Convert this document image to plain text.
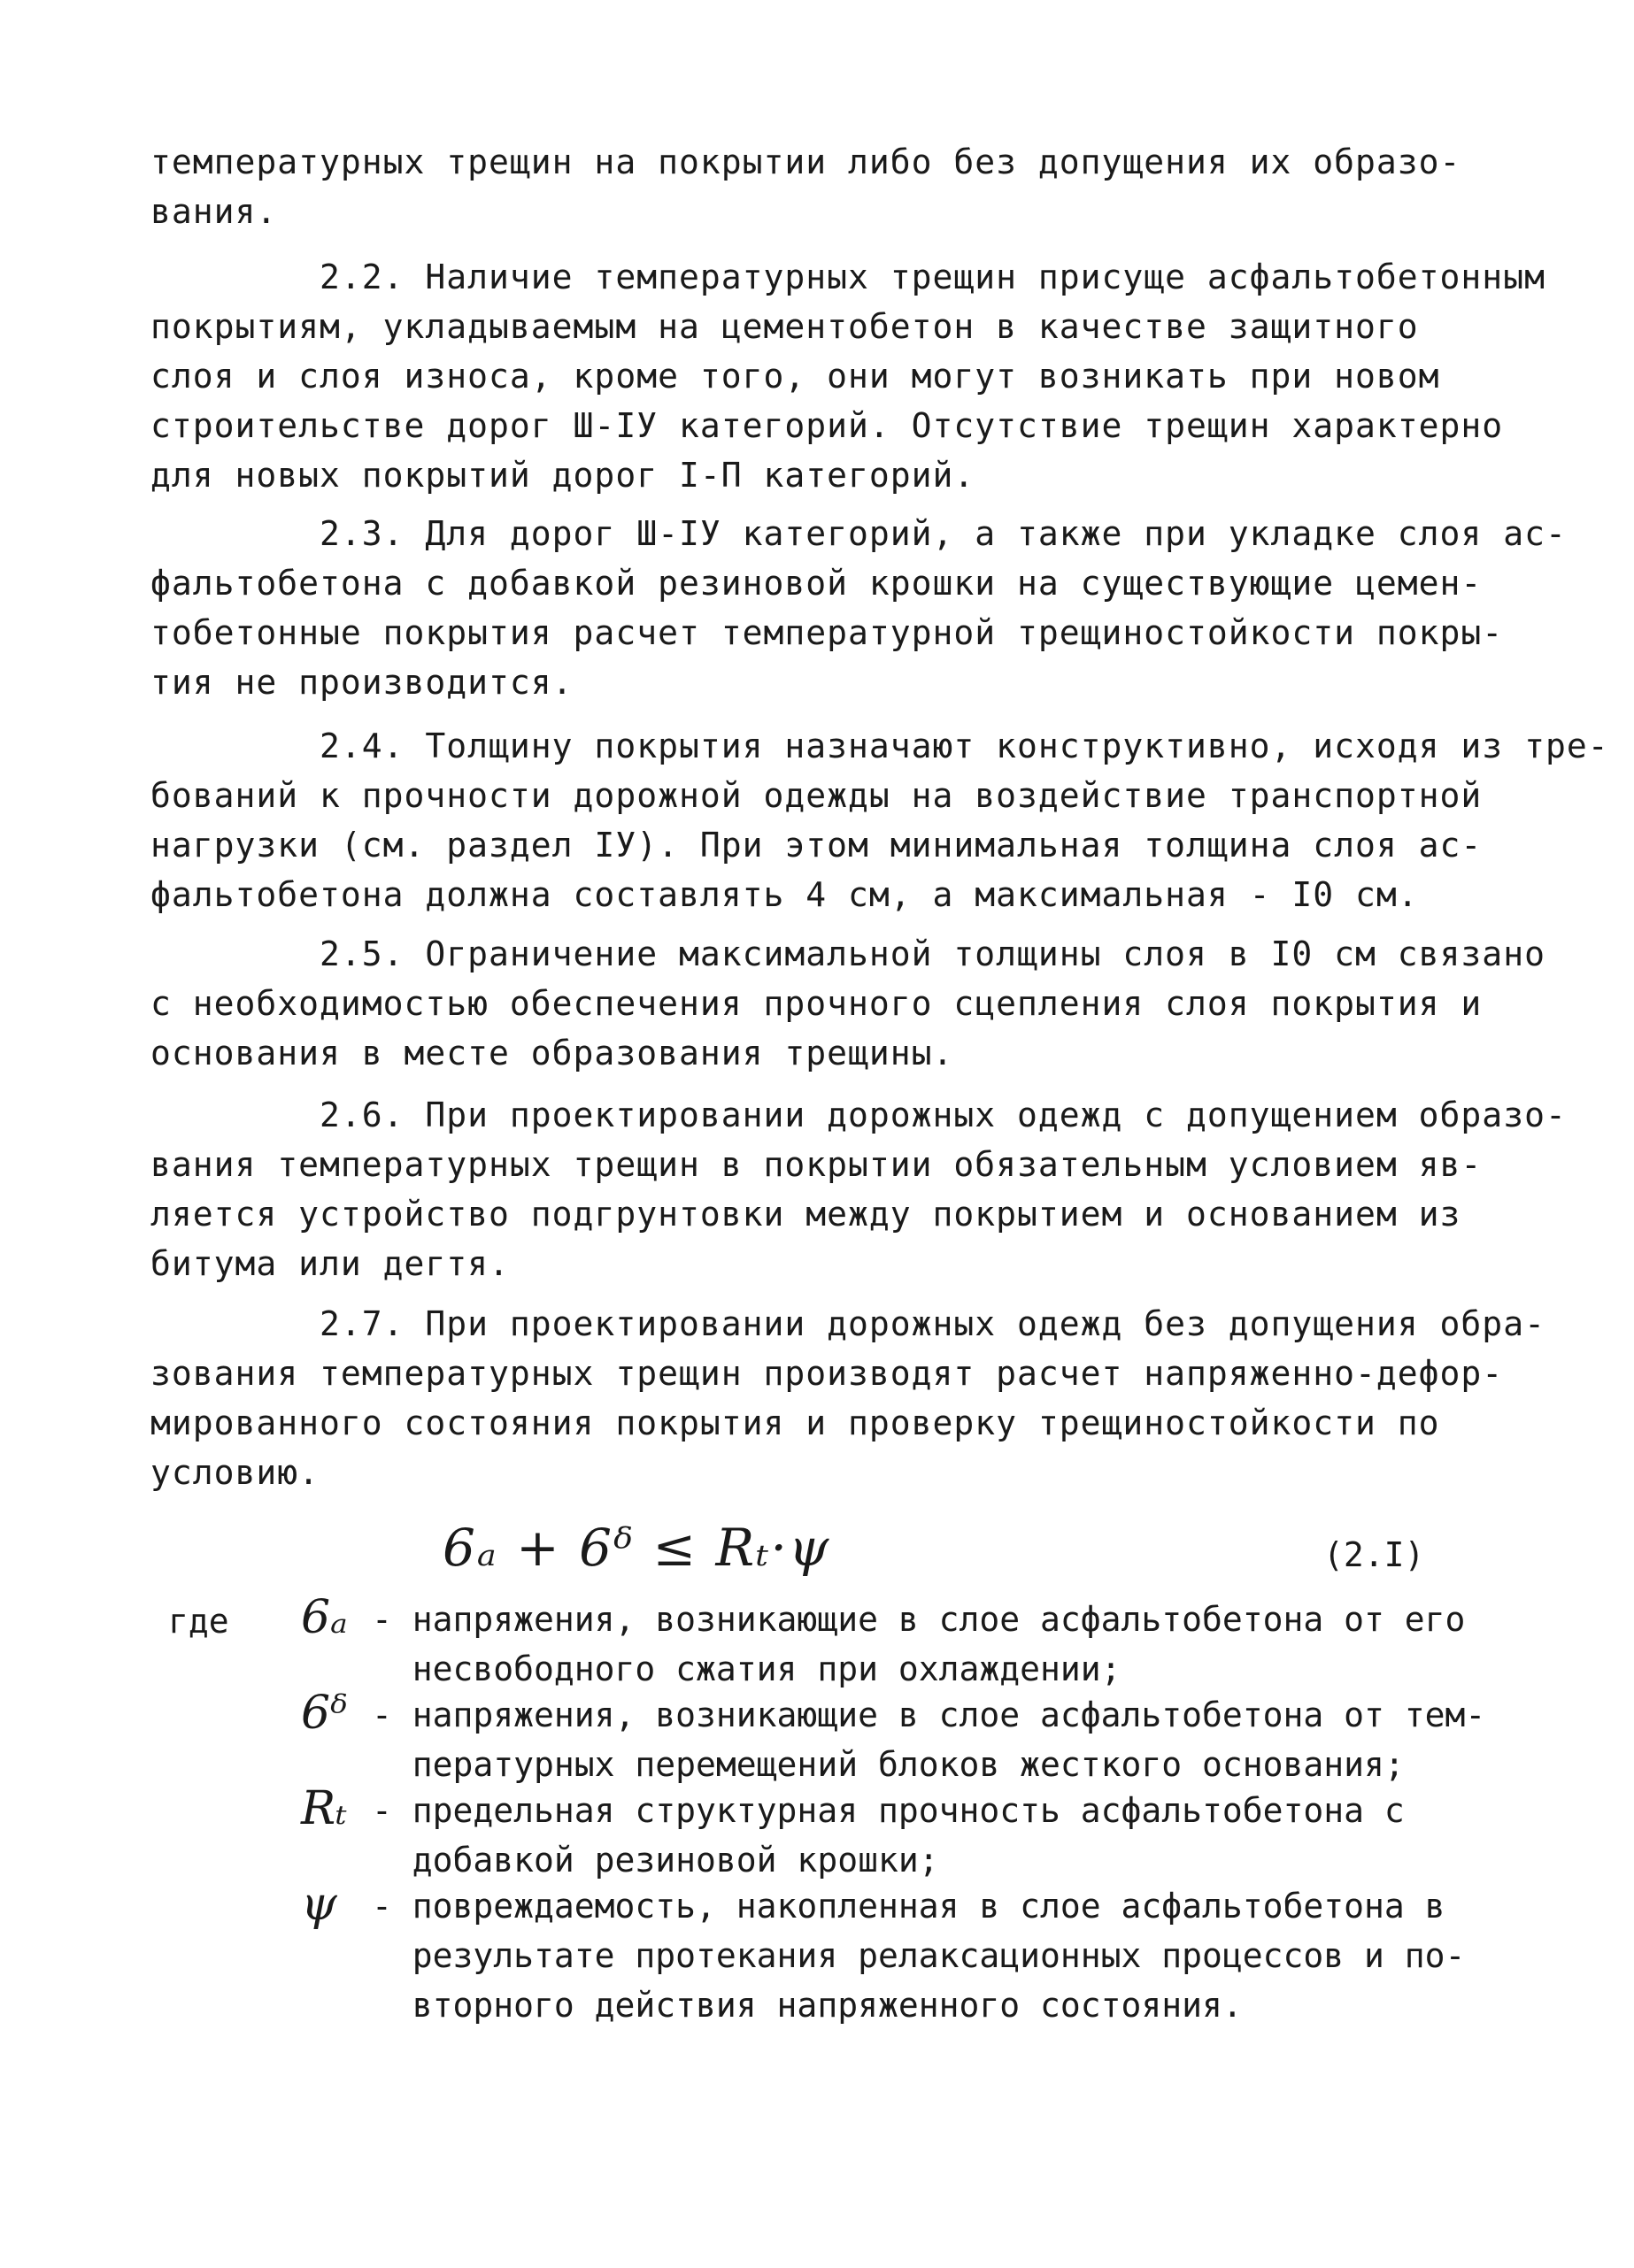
температурных трещин на покрытии либо без допущения их образо-
вания.

2.2. Наличие температурных трещин присуще асфальтобетонным
покрытиям, укладываемым на цементобетон в качестве защитного
слоя и слоя износа, кроме того, они могут возникать при новом
строительстве дорог Ш-IУ категорий. Отсутствие трещин характерно
для новых покрытий дорог I-П категорий.

2.3. Для дорог Ш-IУ категорий, а также при укладке слоя ас-
фальтобетона с добавкой резиновой крошки на существующие цемен-
тобетонные покрытия расчет температурной трещиностойкости покры-
тия не производится.

2.4. Толщину покрытия назначают конструктивно, исходя из тре-
бований к прочности дорожной одежды на воздействие транспортной
нагрузки (см. раздел IУ). При этом минимальная толщина слоя ас-
фальтобетона должна составлять 4 см, а максимальная - I0 см.

2.5. Ограничение максимальной толщины слоя в I0 см связано
с необходимостью обеспечения прочного сцепления слоя покрытия и
основания в месте образования трещины.

2.6. При проектировании дорожных одежд с допущением образо-
вания температурных трещин в покрытии обязательным условием яв-
ляется устройство подгрунтовки между покрытием и основанием из
битума или дегтя.

2.7. При проектировании дорожных одежд без допущения обра-
зования температурных трещин производят расчет напряженно-дефор-
мированного состояния покрытия и проверку трещиностойкости по
условию.

6ₐ + 6ᵟ ≤ Rₜ·ψ	(2.I)
где 6ₐ - напряжения, возникающие в слое асфальтобетона от его
несвободного сжатия при охлаждении;

6ᵟ - напряжения, возникающие в слое асфальтобетона от тем-
пературных перемещений блоков жесткого основания;

Rₜ - предельная структурная прочность асфальтобетона с
добавкой резиновой крошки;

ψ - повреждаемость, накопленная в слое асфальтобетона в
результате протекания релаксационных процессов и по-
вторного действия напряженного состояния.
